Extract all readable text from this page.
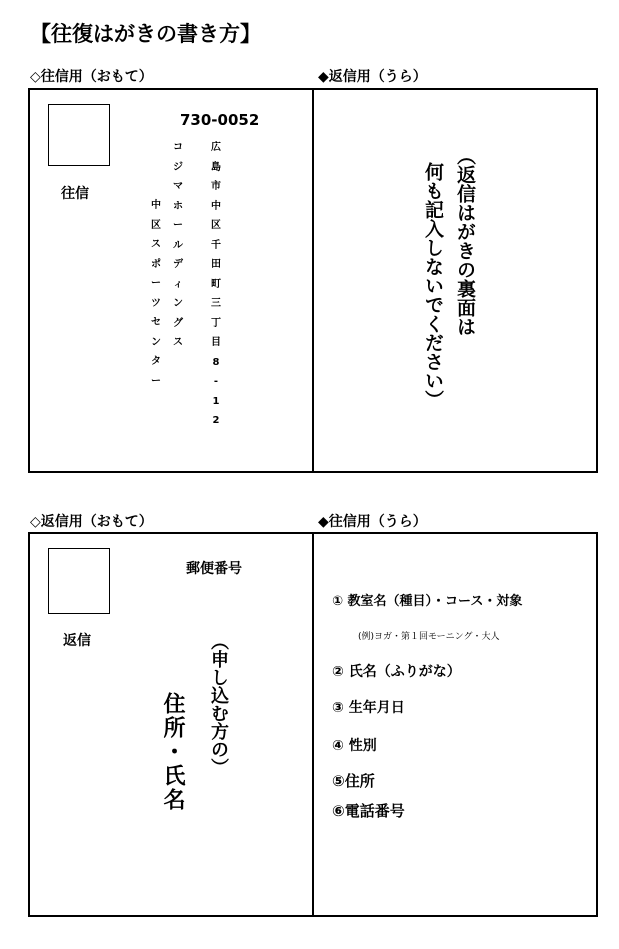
【往復はがきの書き方】
◇往信用（おもて）	◆返信用（うら）
往信
730-0052
広
島
市
中
区
千
田
町
三
丁
目
8
-
1
2
コ
ジ
マ
ホ
ー
ル
デ
ィ
ン
グ
ス
中
区
ス
ポ
ー
ツ
セ
ン
タ
ー
（返信はがきの裏面は
何も記入しないでください）
◇返信用（おもて）	◆往信用（うら）
返信
郵便番号
（申し込む方の）
住所・氏名
① 教室名（種目）・コース・対象
(例)ヨガ・第１回モーニング・大人
② 氏名（ふりがな）
③ 生年月日
④ 性別
⑤住所
⑥電話番号
